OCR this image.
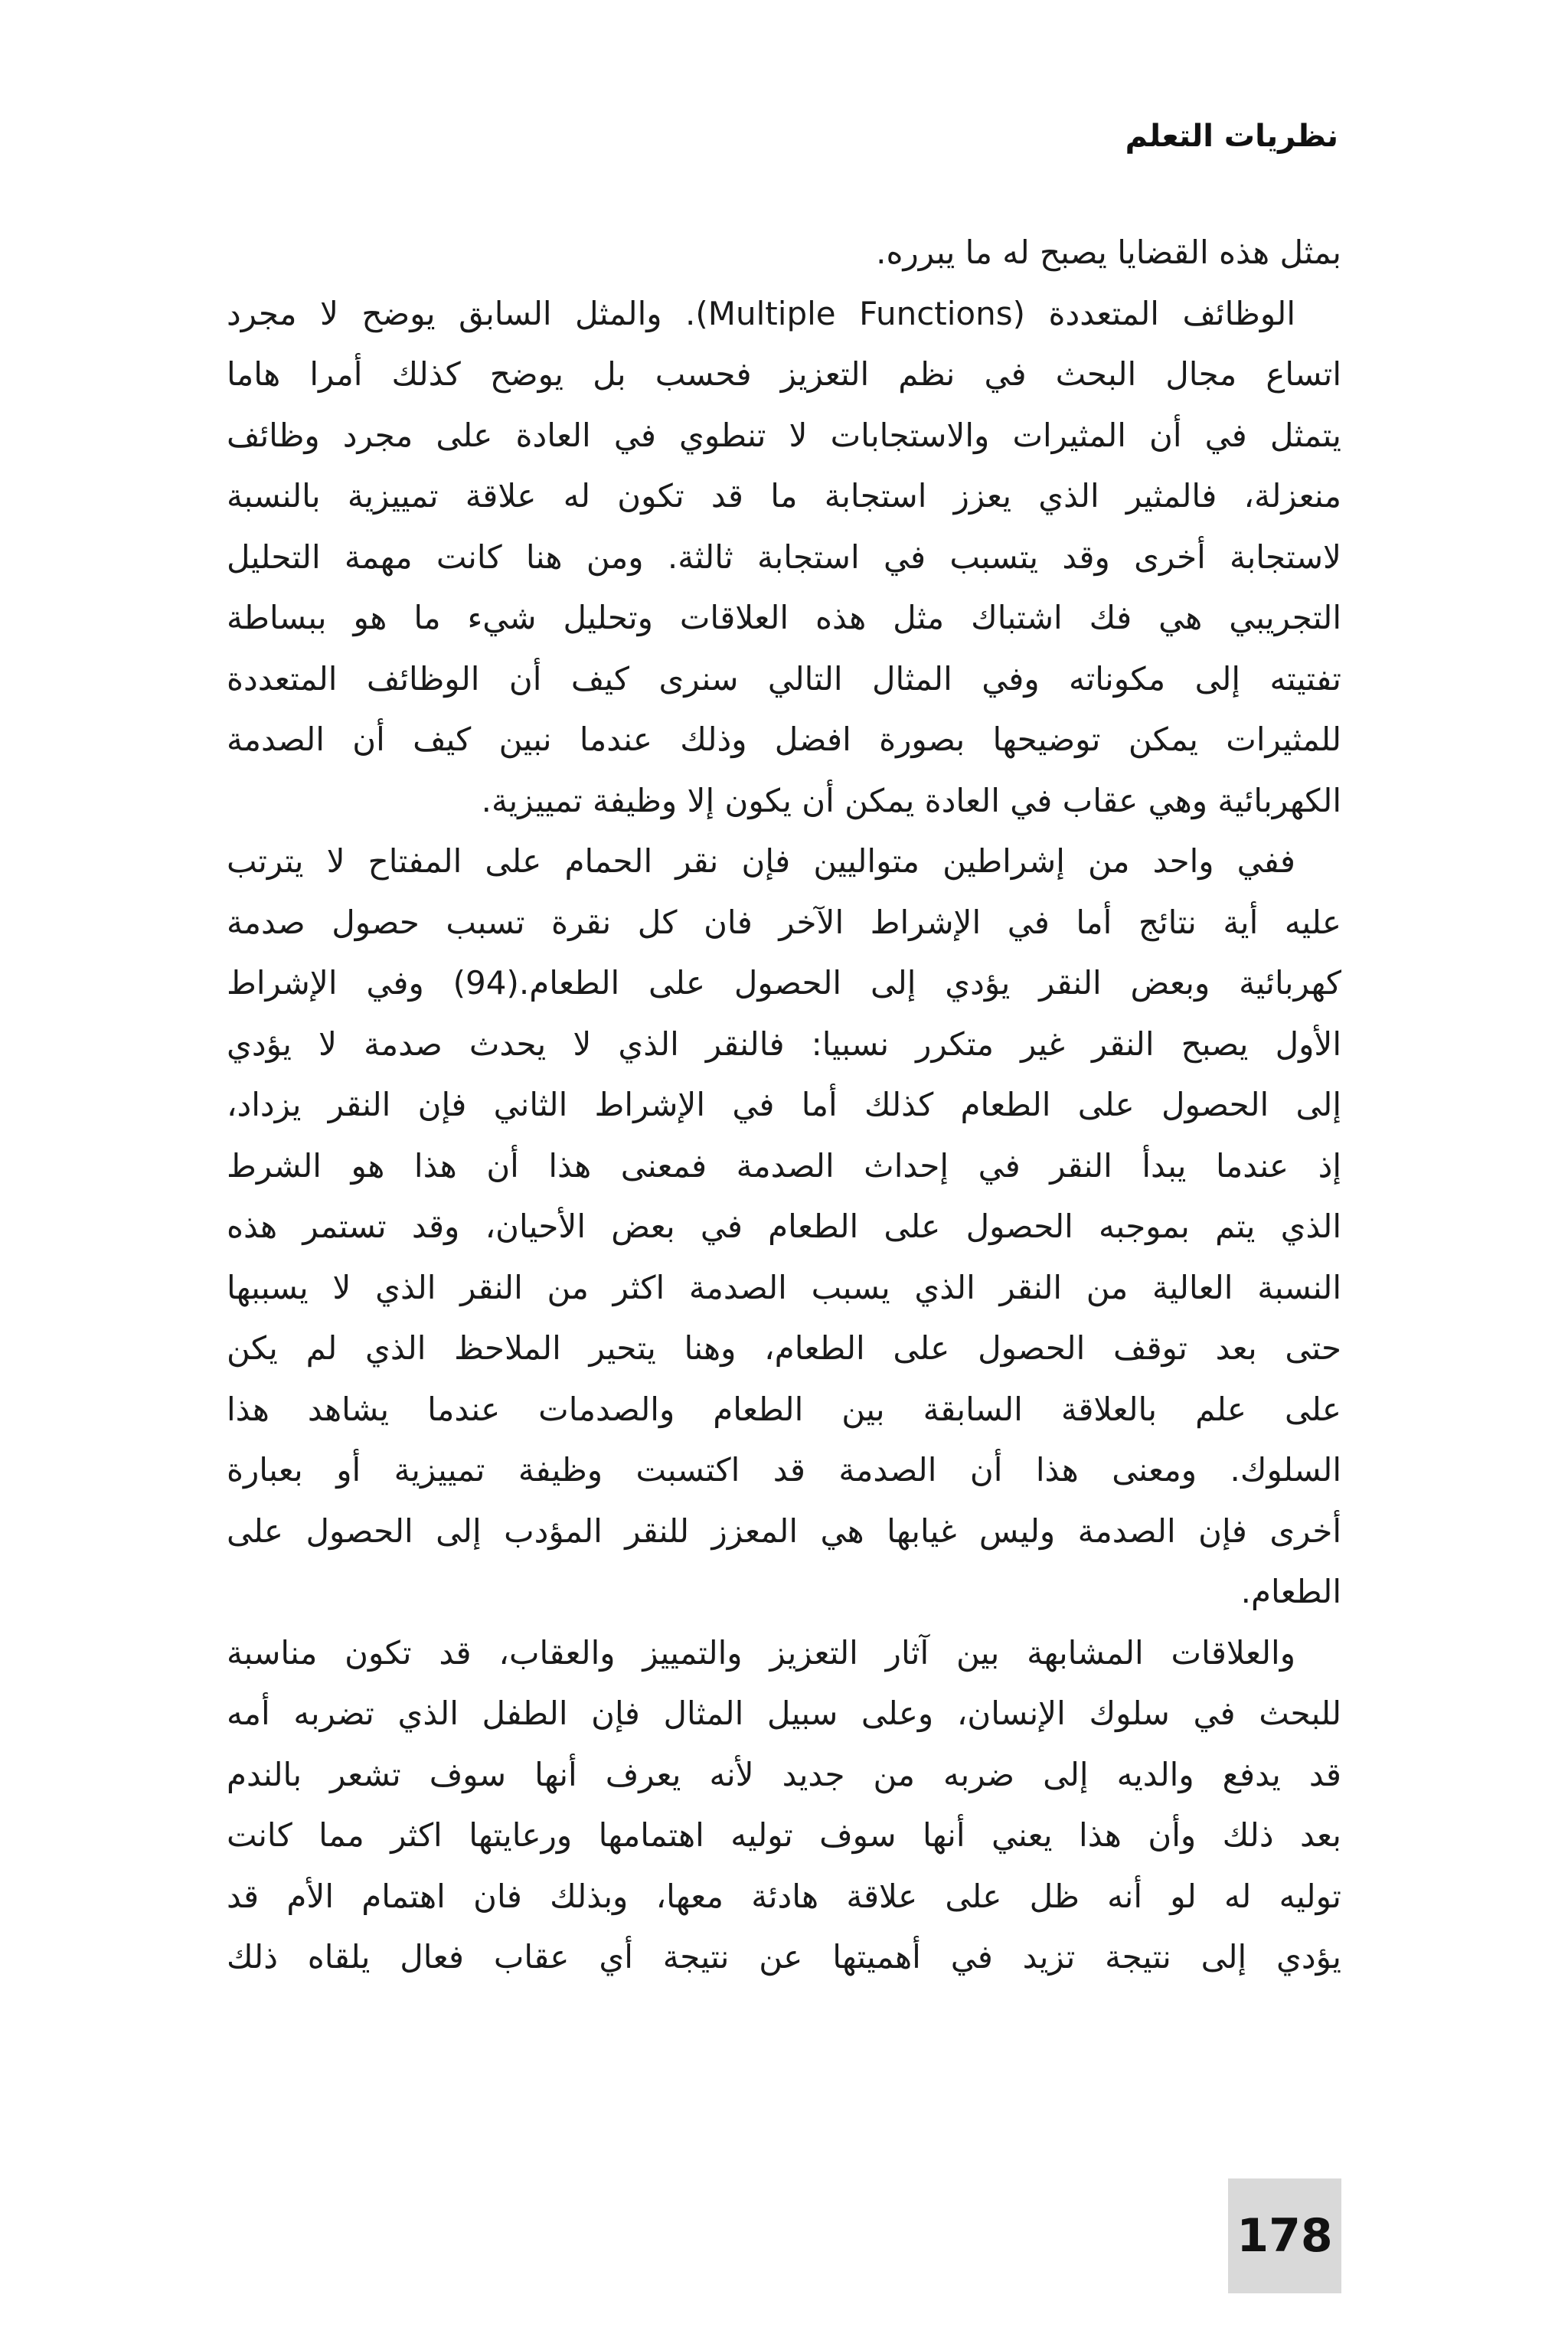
نظريات التعلم
بمثل هذه القضايا يصبح له ما يبرره.
الوظائف المتعددة (Multiple Functions). والمثل السابق يوضح لا مجرد
اتساع مجال البحث في نظم التعزيز فحسب بل يوضح كذلك أمرا هاما
يتمثل في أن المثيرات والاستجابات لا تنطوي في العادة على مجرد وظائف
منعزلة، فالمثير الذي يعزز استجابة ما قد تكون له علاقة تمييزية بالنسبة
لاستجابة أخرى وقد يتسبب في استجابة ثالثة. ومن هنا كانت مهمة التحليل
التجريبي هي فك اشتباك مثل هذه العلاقات وتحليل شيء ما هو ببساطة
تفتيته إلى مكوناته وفي المثال التالي سنرى كيف أن الوظائف المتعددة
للمثيرات يمكن توضيحها بصورة افضل وذلك عندما نبين كيف أن الصدمة
الكهربائية وهي عقاب في العادة يمكن أن يكون إلا وظيفة تمييزية.
ففي واحد من إشراطين متواليين فإن نقر الحمام على المفتاح لا يترتب
عليه أية نتائج أما في الإشراط الآخر فان كل نقرة تسبب حصول صدمة
كهربائية وبعض النقر يؤدي إلى الحصول على الطعام.(94) وفي الإشراط
الأول يصبح النقر غير متكرر نسبيا: فالنقر الذي لا يحدث صدمة لا يؤدي
إلى الحصول على الطعام كذلك أما في الإشراط الثاني فإن النقر يزداد،
إذ عندما يبدأ النقر في إحداث الصدمة فمعنى هذا أن هذا هو الشرط
الذي يتم بموجبه الحصول على الطعام في بعض الأحيان، وقد تستمر هذه
النسبة العالية من النقر الذي يسبب الصدمة اكثر من النقر الذي لا يسببها
حتى بعد توقف الحصول على الطعام، وهنا يتحير الملاحظ الذي لم يكن
على علم بالعلاقة السابقة بين الطعام والصدمات عندما يشاهد هذا
السلوك. ومعنى هذا أن الصدمة قد اكتسبت وظيفة تمييزية أو بعبارة
أخرى فإن الصدمة وليس غيابها هي المعزز للنقر المؤدب إلى الحصول على
الطعام.
والعلاقات المشابهة بين آثار التعزيز والتمييز والعقاب، قد تكون مناسبة
للبحث في سلوك الإنسان، وعلى سبيل المثال فإن الطفل الذي تضربه أمه
قد يدفع والديه إلى ضربه من جديد لأنه يعرف أنها سوف تشعر بالندم
بعد ذلك وأن هذا يعني أنها سوف توليه اهتمامها ورعايتها اكثر مما كانت
توليه له لو أنه ظل على علاقة هادئة معها، وبذلك فان اهتمام الأم قد
يؤدي إلى نتيجة تزيد في أهميتها عن نتيجة أي عقاب فعال يلقاه ذلك
178
